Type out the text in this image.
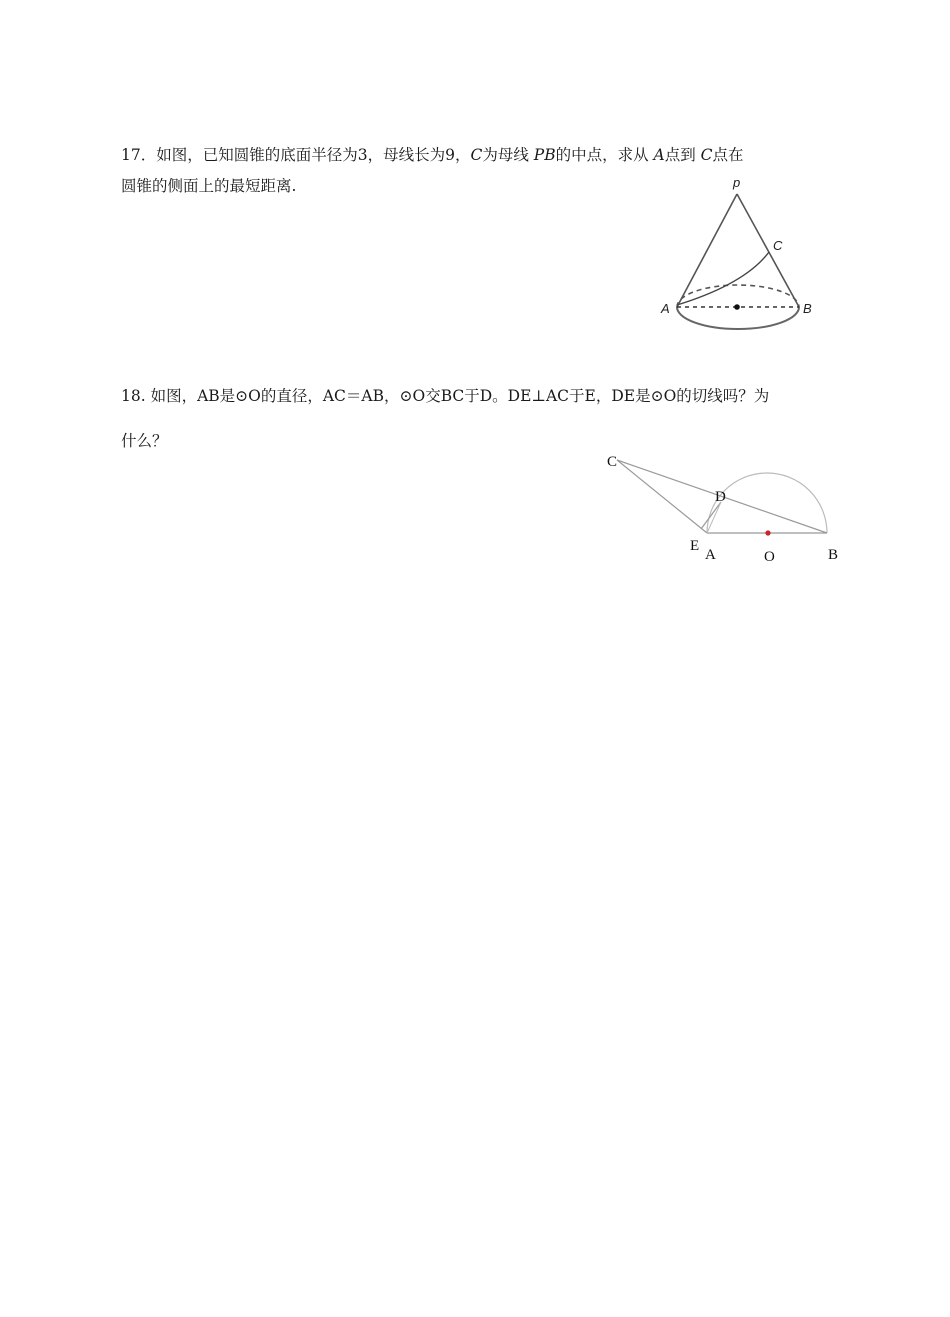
17．如图，已知圆锥的底面半径为3，母线长为9，C为母线 PB的中点，求从 A点到 C点在

圆锥的侧面上的最短距离.	p
C
A	B

18. 如图，AB是⊙O的直径，AC＝AB，⊙O交BC于D。DE⊥AC于E，DE是⊙O的切线吗？为

什么？

C
D
E
A	O	B
